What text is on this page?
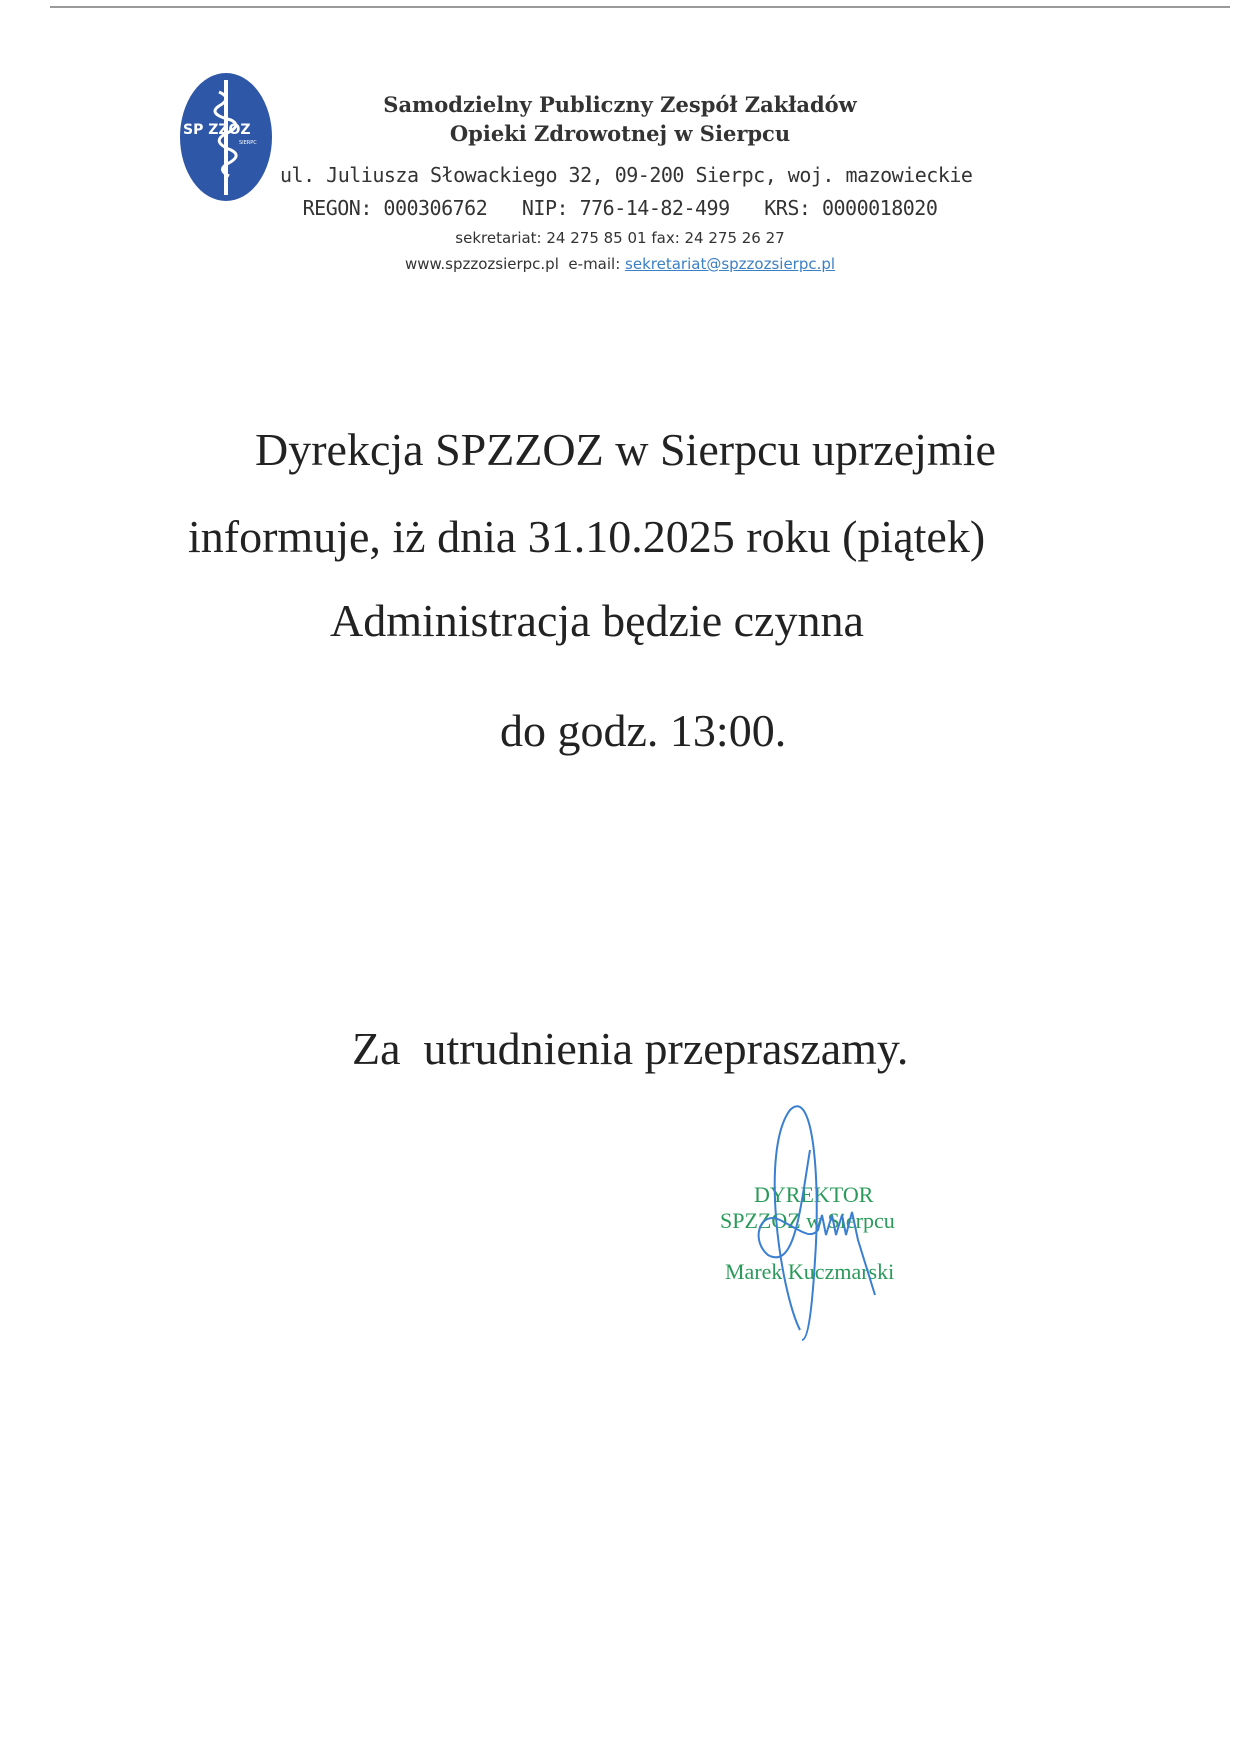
SP ZZOZ
SIERPC
Samodzielny Publiczny Zespół Zakładów
Opieki Zdrowotnej w Sierpcu
ul. Juliusza Słowackiego 32, 09-200 Sierpc, woj. mazowieckie
REGON: 000306762   NIP: 776-14-82-499   KRS: 0000018020
sekretariat: 24 275 85 01 fax: 24 275 26 27
www.spzzozsierpc.pl e-mail: sekretariat@spzzozsierpc.pl
Dyrekcja SPZZOZ w Sierpcu uprzejmie
informuje, iż dnia 31.10.2025 roku (piątek)
Administracja będzie czynna
do godz. 13:00.
Za  utrudnienia przepraszamy.
DYREKTOR
SPZZOZ w Sierpcu
Marek Kuczmarski
